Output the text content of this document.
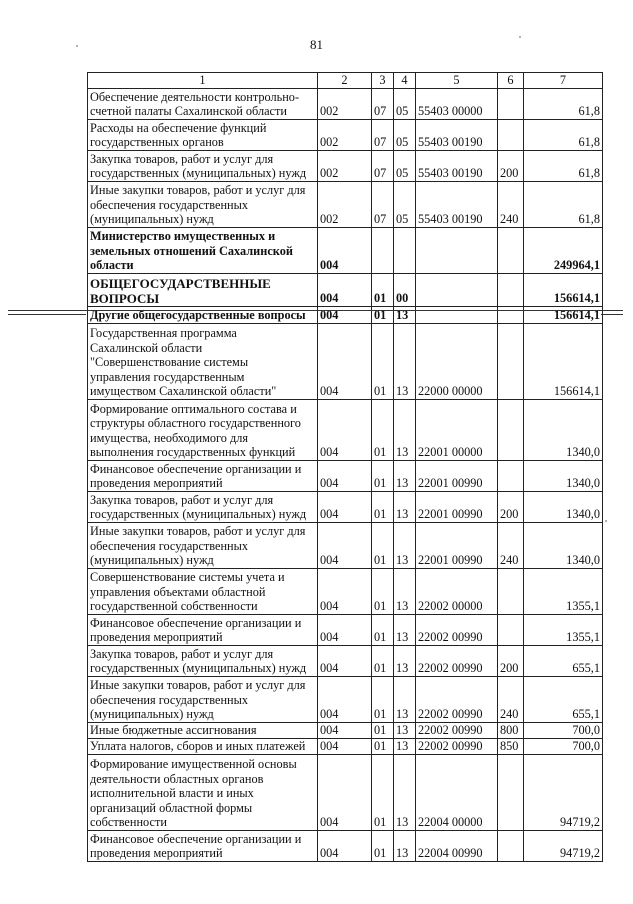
81
1	2	3	4	5	6	7
Обеспечение деятельности контрольно-
счетной палаты Сахалинской области	002	07	05	55403 00000		61,8
Расходы на обеспечение функций
государственных органов	002	07	05	55403 00190		61,8
Закупка товаров, работ и услуг для
государственных (муниципальных) нужд	002	07	05	55403 00190	200	61,8
Иные закупки товаров, работ и услуг для
обеспечения государственных
(муниципальных) нужд	002	07	05	55403 00190	240	61,8
Министерство имущественных и
земельных отношений Сахалинской
области	004					249964,1
ОБЩЕГОСУДАРСТВЕННЫЕ
ВОПРОСЫ	004	01	00			156614,1
Другие общегосударственные вопросы	004	01	13			156614,1
Государственная программа
Сахалинской области
"Совершенствование системы
управления государственным
имуществом Сахалинской области"	004	01	13	22000 00000		156614,1
Формирование оптимального состава и
структуры областного государственного
имущества, необходимого для
выполнения государственных функций	004	01	13	22001 00000		1340,0
Финансовое обеспечение организации и
проведения мероприятий	004	01	13	22001 00990		1340,0
Закупка товаров, работ и услуг для
государственных (муниципальных) нужд	004	01	13	22001 00990	200	1340,0
Иные закупки товаров, работ и услуг для
обеспечения государственных
(муниципальных) нужд	004	01	13	22001 00990	240	1340,0
Совершенствование системы учета и
управления объектами областной
государственной собственности	004	01	13	22002 00000		1355,1
Финансовое обеспечение организации и
проведения мероприятий	004	01	13	22002 00990		1355,1
Закупка товаров, работ и услуг для
государственных (муниципальных) нужд	004	01	13	22002 00990	200	655,1
Иные закупки товаров, работ и услуг для
обеспечения государственных
(муниципальных) нужд	004	01	13	22002 00990	240	655,1
Иные бюджетные ассигнования	004	01	13	22002 00990	800	700,0
Уплата налогов, сборов и иных платежей	004	01	13	22002 00990	850	700,0
Формирование имущественной основы
деятельности областных органов
исполнительной власти и иных
организаций областной формы
собственности	004	01	13	22004 00000		94719,2
Финансовое обеспечение организации и
проведения мероприятий	004	01	13	22004 00990		94719,2
